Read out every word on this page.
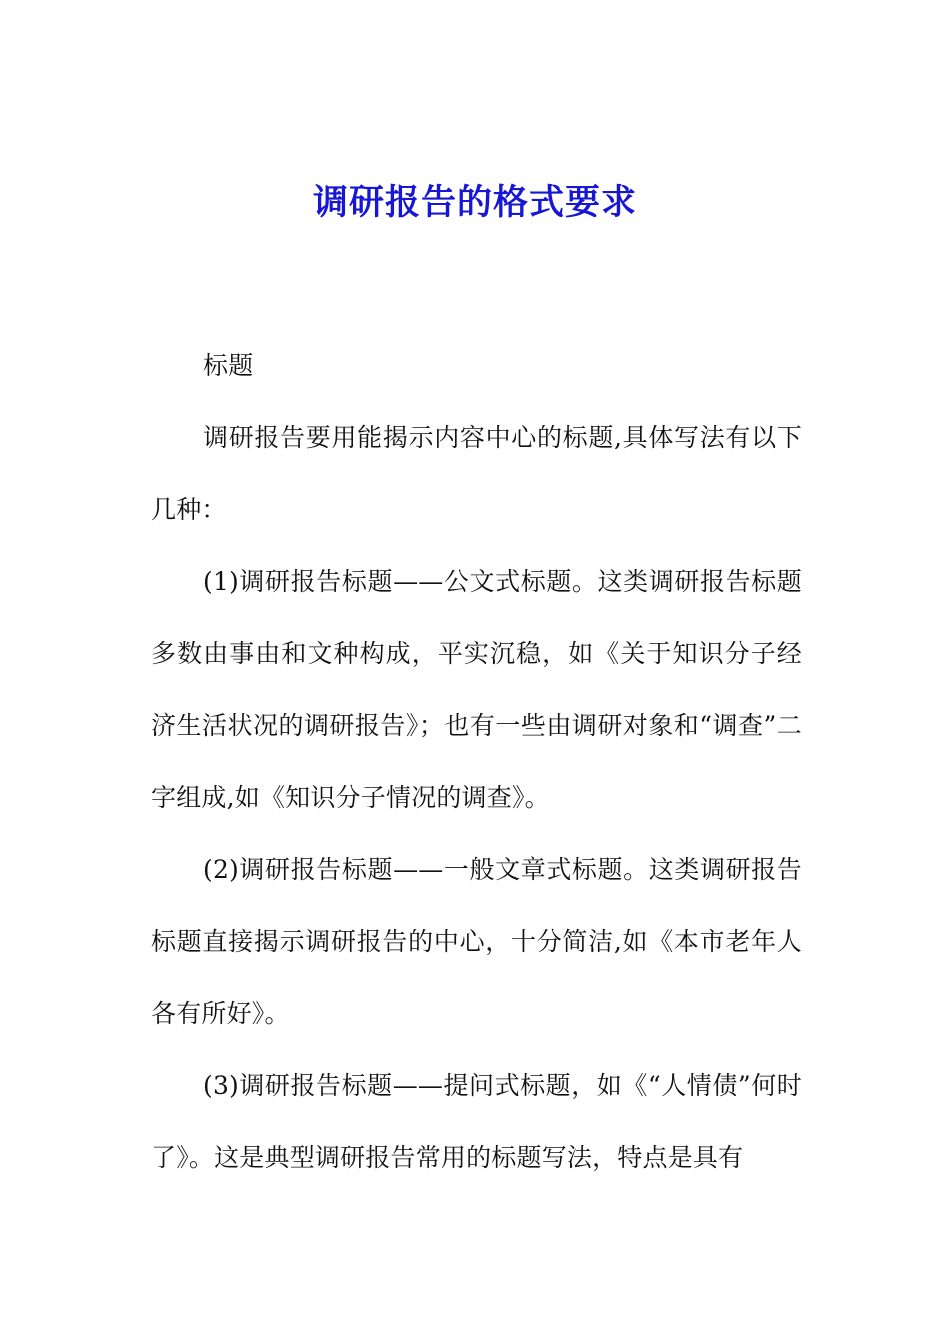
调研报告的格式要求

标题

调研报告要用能揭示内容中心的标题,具体写法有以下几种：

(1)调研报告标题——公文式标题。这类调研报告标题多数由事由和文种构成，平实沉稳，如《关于知识分子经济生活状况的调研报告》；也有一些由调研对象和“调查”二字组成,如《知识分子情况的调查》。

(2)调研报告标题——一般文章式标题。这类调研报告标题直接揭示调研报告的中心，十分简洁,如《本市老年人各有所好》。

(3)调研报告标题——提问式标题，如《“人情债”何时了》。这是典型调研报告常用的标题写法，特点是具有
